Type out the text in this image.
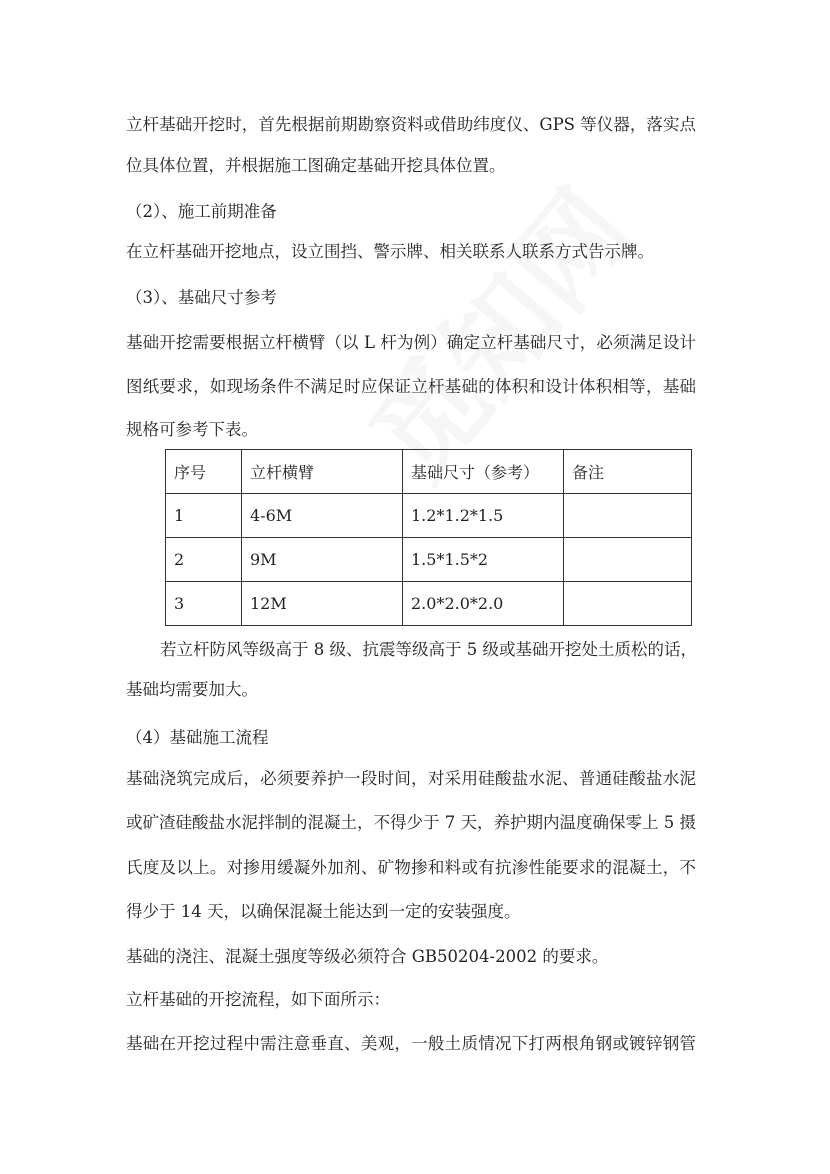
立杆基础开挖时，首先根据前期勘察资料或借助纬度仪、GPS 等仪器，落实点
位具体位置，并根据施工图确定基础开挖具体位置。
（2）、施工前期准备
在立杆基础开挖地点，设立围挡、警示牌、相关联系人联系方式告示牌。
（3）、基础尺寸参考
基础开挖需要根据立杆横臂（以 L 杆为例）确定立杆基础尺寸，必须满足设计
图纸要求，如现场条件不满足时应保证立杆基础的体积和设计体积相等，基础
规格可参考下表。
序号	立杆横臂	基础尺寸（参考）	备注
1	4-6M	1.2*1.2*1.5	
2	9M	1.5*1.5*2	
3	12M	2.0*2.0*2.0	
若立杆防风等级高于 8 级、抗震等级高于 5 级或基础开挖处土质松的话，
基础均需要加大。
（4）基础施工流程
基础浇筑完成后，必须要养护一段时间，对采用硅酸盐水泥、普通硅酸盐水泥
或矿渣硅酸盐水泥拌制的混凝土，不得少于 7 天，养护期内温度确保零上 5 摄
氏度及以上。对掺用缓凝外加剂、矿物掺和料或有抗渗性能要求的混凝土，不
得少于 14 天，以确保混凝土能达到一定的安装强度。
基础的浇注、混凝土强度等级必须符合 GB50204-2002 的要求。
立杆基础的开挖流程，如下面所示：
基础在开挖过程中需注意垂直、美观，一般土质情况下打两根角钢或镀锌钢管
